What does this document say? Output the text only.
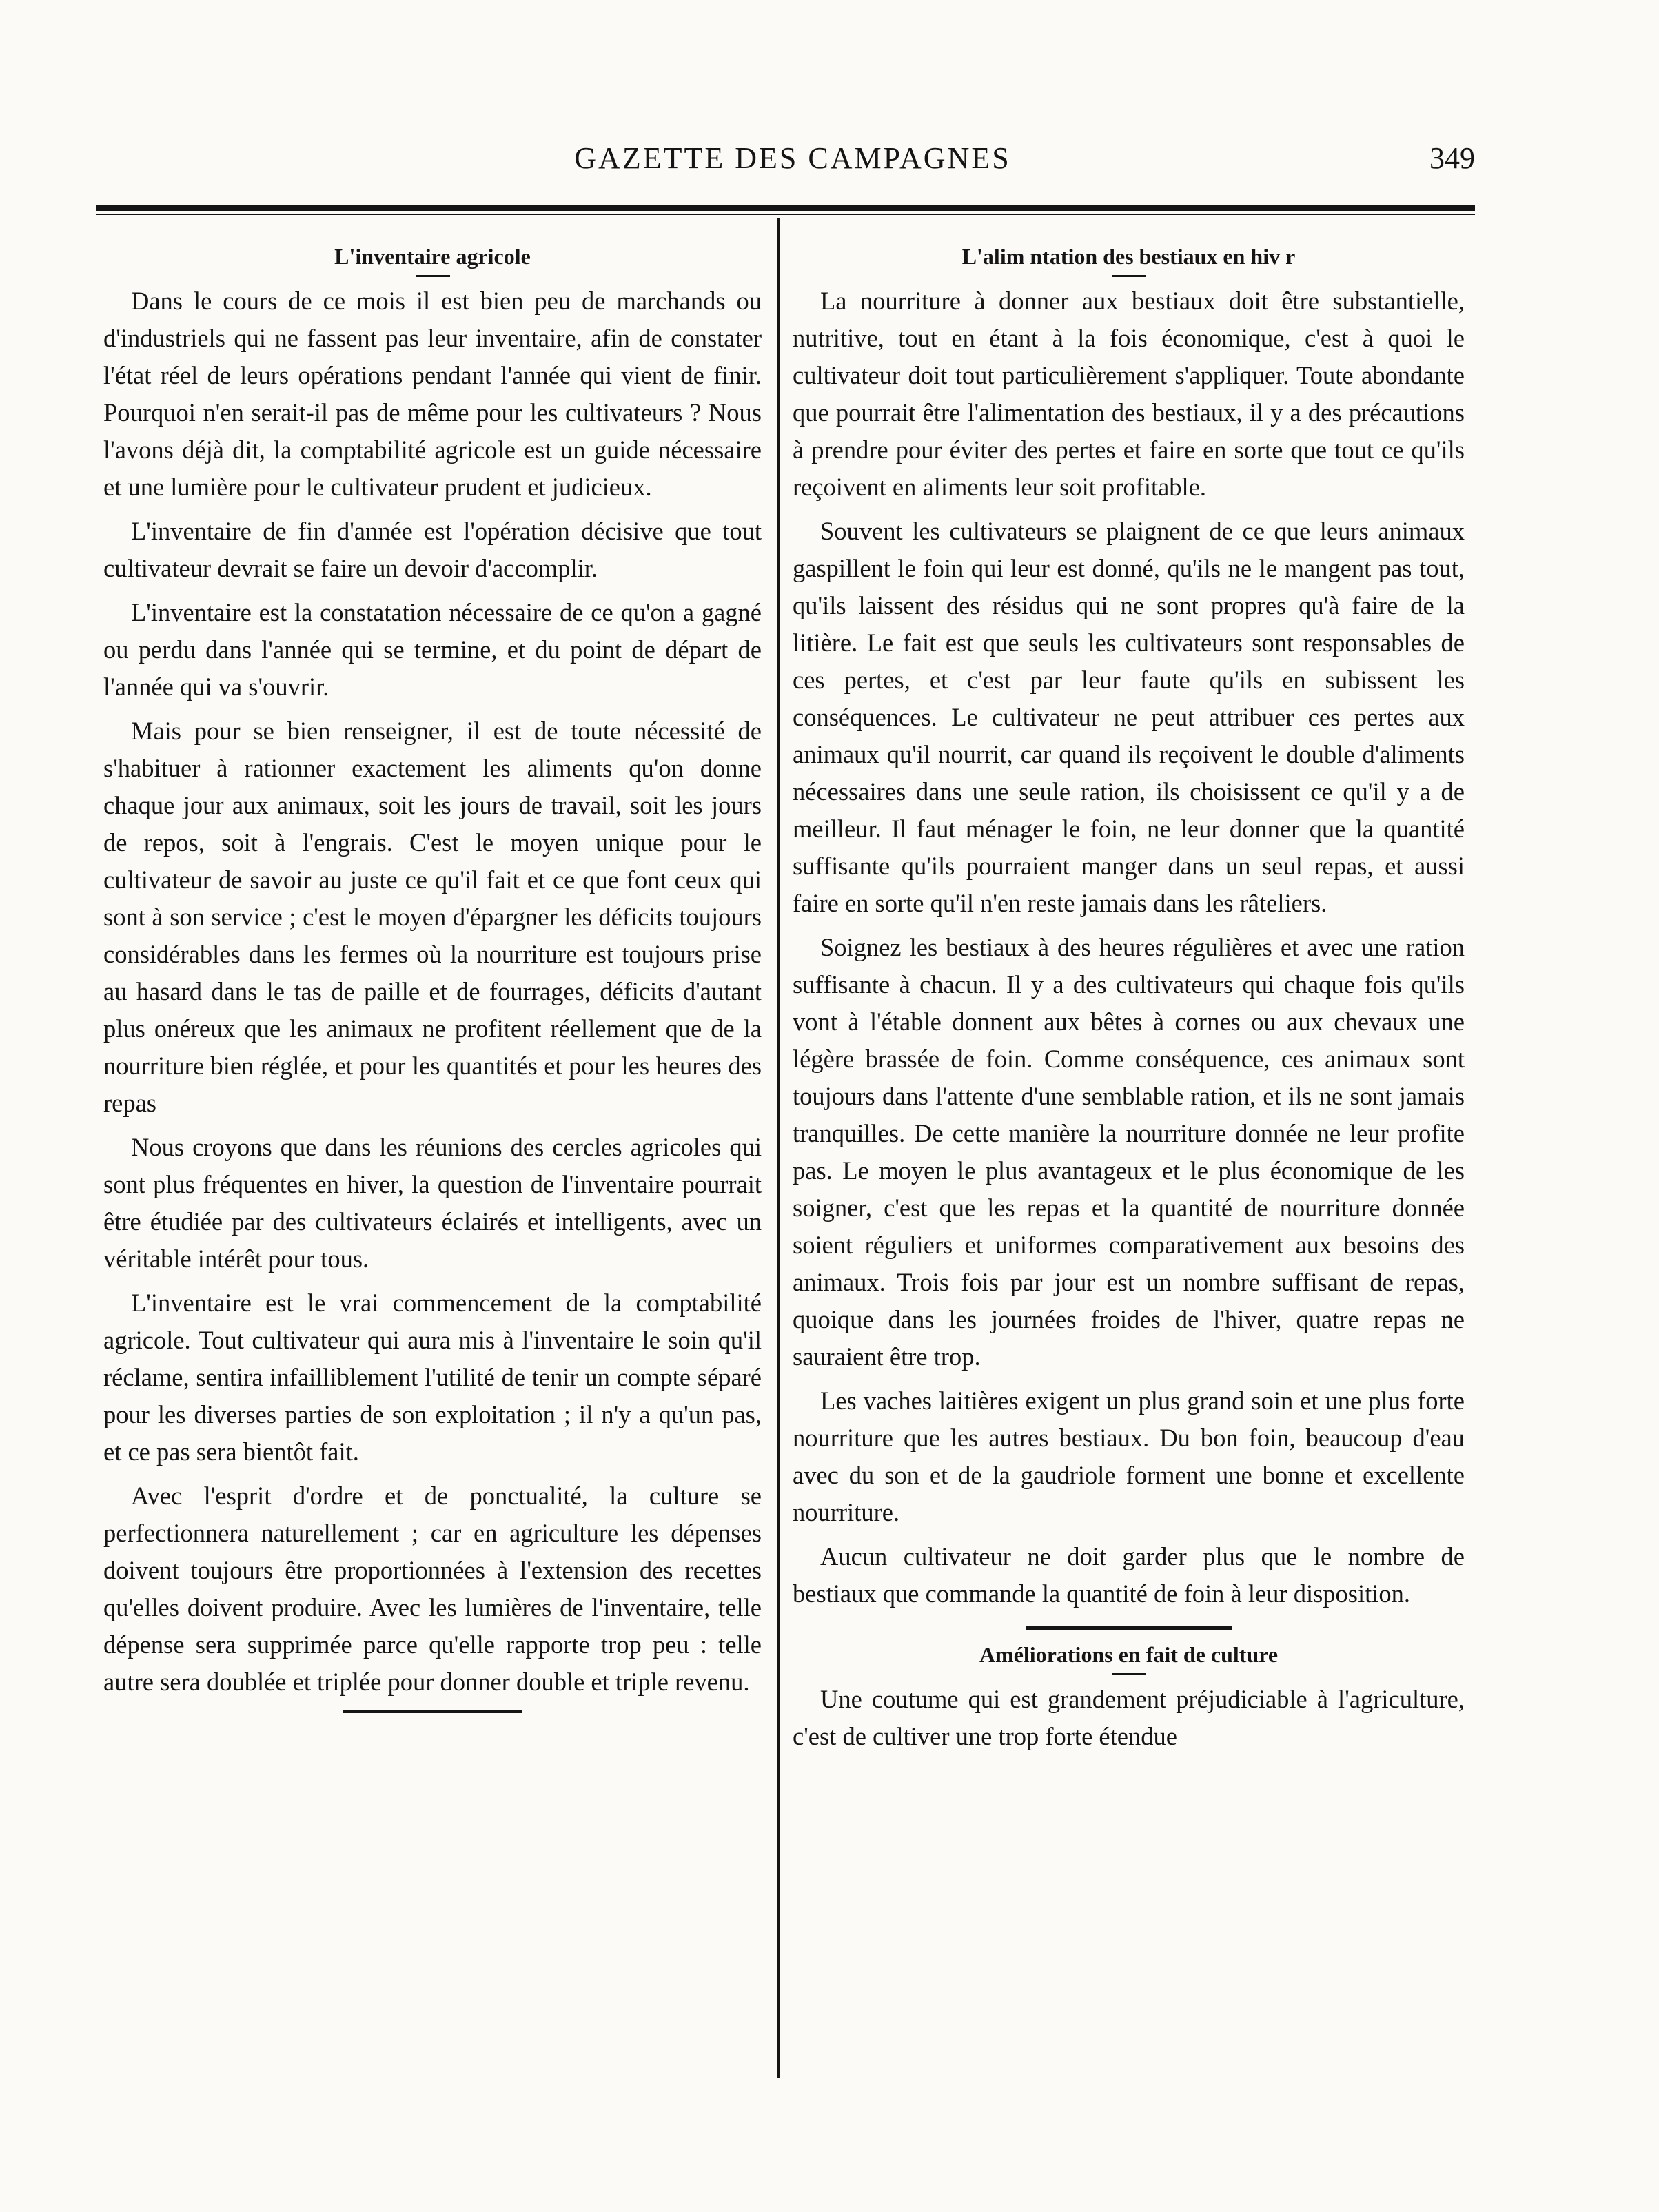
GAZETTE DES CAMPAGNES	349
L'inventaire agricole

Dans le cours de ce mois il est bien peu de marchands ou d'industriels qui ne fassent pas leur inventaire, afin de constater l'état réel de leurs opérations pendant l'année qui vient de finir. Pourquoi n'en serait-il pas de même pour les cultivateurs ? Nous l'avons déjà dit, la comptabilité agricole est un guide nécessaire et une lumière pour le cultivateur prudent et judicieux.

L'inventaire de fin d'année est l'opération décisive que tout cultivateur devrait se faire un devoir d'accomplir.

L'inventaire est la constatation nécessaire de ce qu'on a gagné ou perdu dans l'année qui se termine, et du point de départ de l'année qui va s'ouvrir.

Mais pour se bien renseigner, il est de toute nécessité de s'habituer à rationner exactement les aliments qu'on donne chaque jour aux animaux, soit les jours de travail, soit les jours de repos, soit à l'engrais. C'est le moyen unique pour le cultivateur de savoir au juste ce qu'il fait et ce que font ceux qui sont à son service ; c'est le moyen d'épargner les déficits toujours considérables dans les fermes où la nourriture est toujours prise au hasard dans le tas de paille et de fourrages, déficits d'autant plus onéreux que les animaux ne profitent réellement que de la nourriture bien réglée, et pour les quantités et pour les heures des repas

Nous croyons que dans les réunions des cercles agricoles qui sont plus fréquentes en hiver, la question de l'inventaire pourrait être étudiée par des cultivateurs éclairés et intelligents, avec un véritable intérêt pour tous.

L'inventaire est le vrai commencement de la comptabilité agricole. Tout cultivateur qui aura mis à l'inventaire le soin qu'il réclame, sentira infailliblement l'utilité de tenir un compte séparé pour les diverses parties de son exploitation ; il n'y a qu'un pas, et ce pas sera bientôt fait.

Avec l'esprit d'ordre et de ponctualité, la culture se perfectionnera naturellement ; car en agriculture les dépenses doivent toujours être proportionnées à l'extension des recettes qu'elles doivent produire. Avec les lumières de l'inventaire, telle dépense sera supprimée parce qu'elle rapporte trop peu : telle autre sera doublée et triplée pour donner double et triple revenu.

L'alim ntation des bestiaux en hiv r

La nourriture à donner aux bestiaux doit être substantielle, nutritive, tout en étant à la fois économique, c'est à quoi le cultivateur doit tout particulièrement s'appliquer. Toute abondante que pourrait être l'alimentation des bestiaux, il y a des précautions à prendre pour éviter des pertes et faire en sorte que tout ce qu'ils reçoivent en aliments leur soit profitable.

Souvent les cultivateurs se plaignent de ce que leurs animaux gaspillent le foin qui leur est donné, qu'ils ne le mangent pas tout, qu'ils laissent des résidus qui ne sont propres qu'à faire de la litière. Le fait est que seuls les cultivateurs sont responsables de ces pertes, et c'est par leur faute qu'ils en subissent les conséquences. Le cultivateur ne peut attribuer ces pertes aux animaux qu'il nourrit, car quand ils reçoivent le double d'aliments nécessaires dans une seule ration, ils choisissent ce qu'il y a de meilleur. Il faut ménager le foin, ne leur donner que la quantité suffisante qu'ils pourraient manger dans un seul repas, et aussi faire en sorte qu'il n'en reste jamais dans les râteliers.

Soignez les bestiaux à des heures régulières et avec une ration suffisante à chacun. Il y a des cultivateurs qui chaque fois qu'ils vont à l'étable donnent aux bêtes à cornes ou aux chevaux une légère brassée de foin. Comme conséquence, ces animaux sont toujours dans l'attente d'une semblable ration, et ils ne sont jamais tranquilles. De cette manière la nourriture donnée ne leur profite pas. Le moyen le plus avantageux et le plus économique de les soigner, c'est que les repas et la quantité de nourriture donnée soient réguliers et uniformes comparativement aux besoins des animaux. Trois fois par jour est un nombre suffisant de repas, quoique dans les journées froides de l'hiver, quatre repas ne sauraient être trop.

Les vaches laitières exigent un plus grand soin et une plus forte nourriture que les autres bestiaux. Du bon foin, beaucoup d'eau avec du son et de la gaudriole forment une bonne et excellente nourriture.

Aucun cultivateur ne doit garder plus que le nombre de bestiaux que commande la quantité de foin à leur disposition.

Améliorations en fait de culture

Une coutume qui est grandement préjudiciable à l'agriculture, c'est de cultiver une trop forte étendue
